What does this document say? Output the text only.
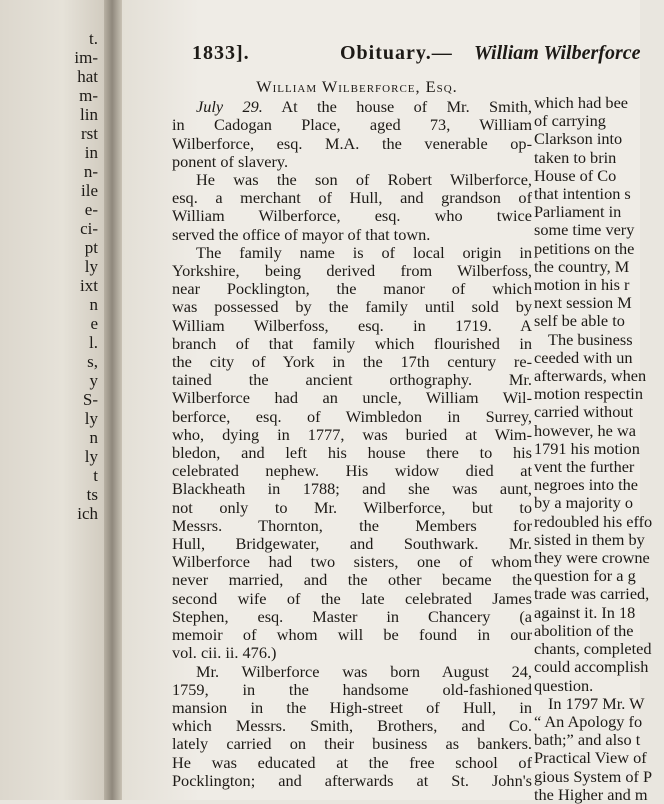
t.
im-
hat
m-
lin
rst
in
n-
ile
e-
ci-
pt
ly
ixt
n
e
l.
s,
y
S-
ly
n
ly
t
ts
ich
1833].	Obituary.— William Wilberforce
William Wilberforce, Esq.
July 29. At the house of Mr. Smith,
in Cadogan Place, aged 73, William
Wilberforce, esq. M.A. the venerable op-
ponent of slavery.
He was the son of Robert Wilberforce,
esq. a merchant of Hull, and grandson of
William Wilberforce, esq. who twice
served the office of mayor of that town.
The family name is of local origin in
Yorkshire, being derived from Wilberfoss,
near Pocklington, the manor of which
was possessed by the family until sold by
William Wilberfoss, esq. in 1719. A
branch of that family which flourished in
the city of York in the 17th century re-
tained the ancient orthography. Mr.
Wilberforce had an uncle, William Wil-
berforce, esq. of Wimbledon in Surrey,
who, dying in 1777, was buried at Wim-
bledon, and left his house there to his
celebrated nephew. His widow died at
Blackheath in 1788; and she was aunt,
not only to Mr. Wilberforce, but to
Messrs. Thornton, the Members for
Hull, Bridgewater, and Southwark. Mr.
Wilberforce had two sisters, one of whom
never married, and the other became the
second wife of the late celebrated James
Stephen, esq. Master in Chancery (a
memoir of whom will be found in our
vol. cii. ii. 476.)
Mr. Wilberforce was born August 24,
1759, in the handsome old-fashioned
mansion in the High-street of Hull, in
which Messrs. Smith, Brothers, and Co.
lately carried on their business as bankers.
He was educated at the free school of
Pocklington; and afterwards at St. John's
which had bee
of carrying
Clarkson into
taken to brin
House of Co
that intention s
Parliament in
some time very
petitions on the
the country, M
motion in his r
next session M
self be able to
The business
ceeded with un
afterwards, when
motion respectin
carried without
however, he wa
1791 his motion
vent the further
negroes into the
by a majority o
redoubled his effo
sisted in them by
they were crowne
question for a g
trade was carried,
against it. In 18
abolition of the
chants, completed
could accomplish
question.
In 1797 Mr. W
“ An Apology fo
bath;” and also t
Practical View of
gious System of P
the Higher and m
